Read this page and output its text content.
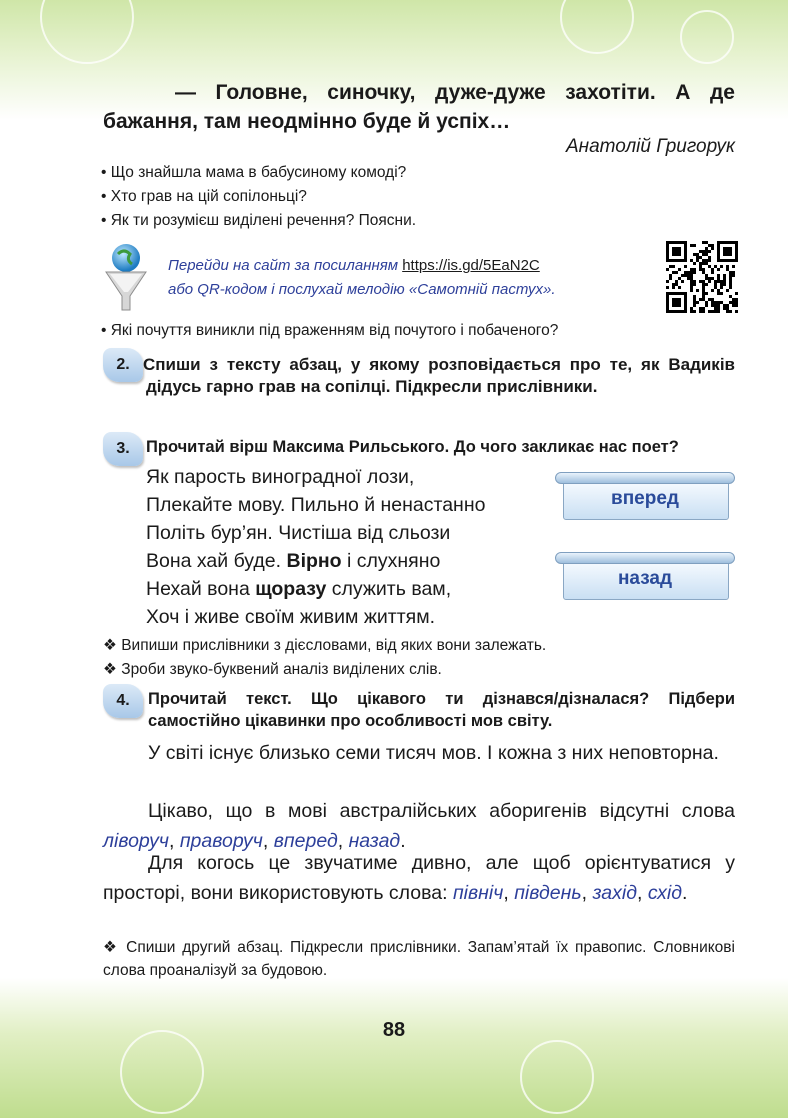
— Головне, синочку, дуже-дуже захотіти. А де
бажання, там неодмінно буде й успіх…
Анатолій Григорук
• Що знайшла мама в бабусиному комоді?
• Хто грав на цій сопілоньці?
• Як ти розумієш виділені речення? Поясни.
Перейди на сайт за посиланням https://is.gd/5EaN2C
або QR-кодом і послухай мелодію «Самотній пастух».
• Які почуття виникли під враженням від почутого і побаченого?
2. Спиши з тексту абзац, у якому розповідається про те, як Вадиків дідусь гарно грав на сопілці. Підкресли прислівники.
3. Прочитай вірш Максима Рильського. До чого закликає нас поет?
Як парость виноградної лози,
Плекайте мову. Пильно й ненастанно
Політь бур’ян. Чистіша від сльози
Вона хай буде. Вірно і слухняно
Нехай вона щоразу служить вам,
Хоч і живе своїм живим життям.
вперед
назад
❖ Випиши прислівники з дієсловами, від яких вони залежать.
❖ Зроби звуко-буквений аналіз виділених слів.
4.	Прочитай текст. Що цікавого ти дізнався/дізналася? Підбери самостійно цікавинки про особливості мов світу.
У світі існує близько семи тисяч мов. І кожна з них неповторна.
Цікаво, що в мові австралійських аборигенів відсутні слова ліворуч, праворуч, вперед, назад.
Для когось це звучатиме дивно, але щоб орієнтуватися у просторі, вони використовують слова: північ, південь, захід, схід.
❖ Спиши другий абзац. Підкресли прислівники. Запам’ятай їх правопис. Словникові слова проаналізуй за будовою.
88
